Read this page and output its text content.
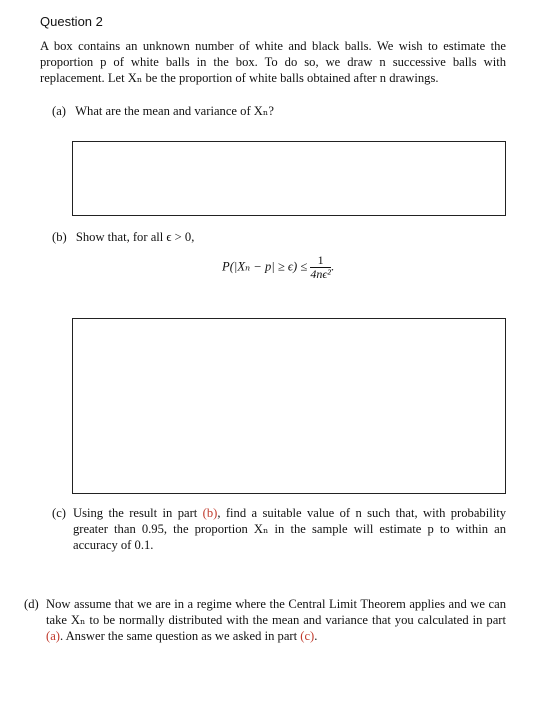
Question 2
A box contains an unknown number of white and black balls. We wish to estimate the proportion p of white balls in the box. To do so, we draw n successive balls with replacement. Let Xₙ be the proportion of white balls obtained after n drawings.
(a) What are the mean and variance of Xₙ?
(b) Show that, for all ϵ > 0,
$P(|X_n - p| \ge \epsilon) \le \frac{1}{\text{4nϵ²}}$ .
(c) Using the result in part (b), find a suitable value of n such that, with probability greater than 0.95, the proportion Xₙ in the sample will estimate p to within an accuracy of 0.1.
(d) Now assume that we are in a regime where the Central Limit Theorem applies and we can take Xₙ to be normally distributed with the mean and variance that you calculated in part (a). Answer the same question as we asked in part (c).
